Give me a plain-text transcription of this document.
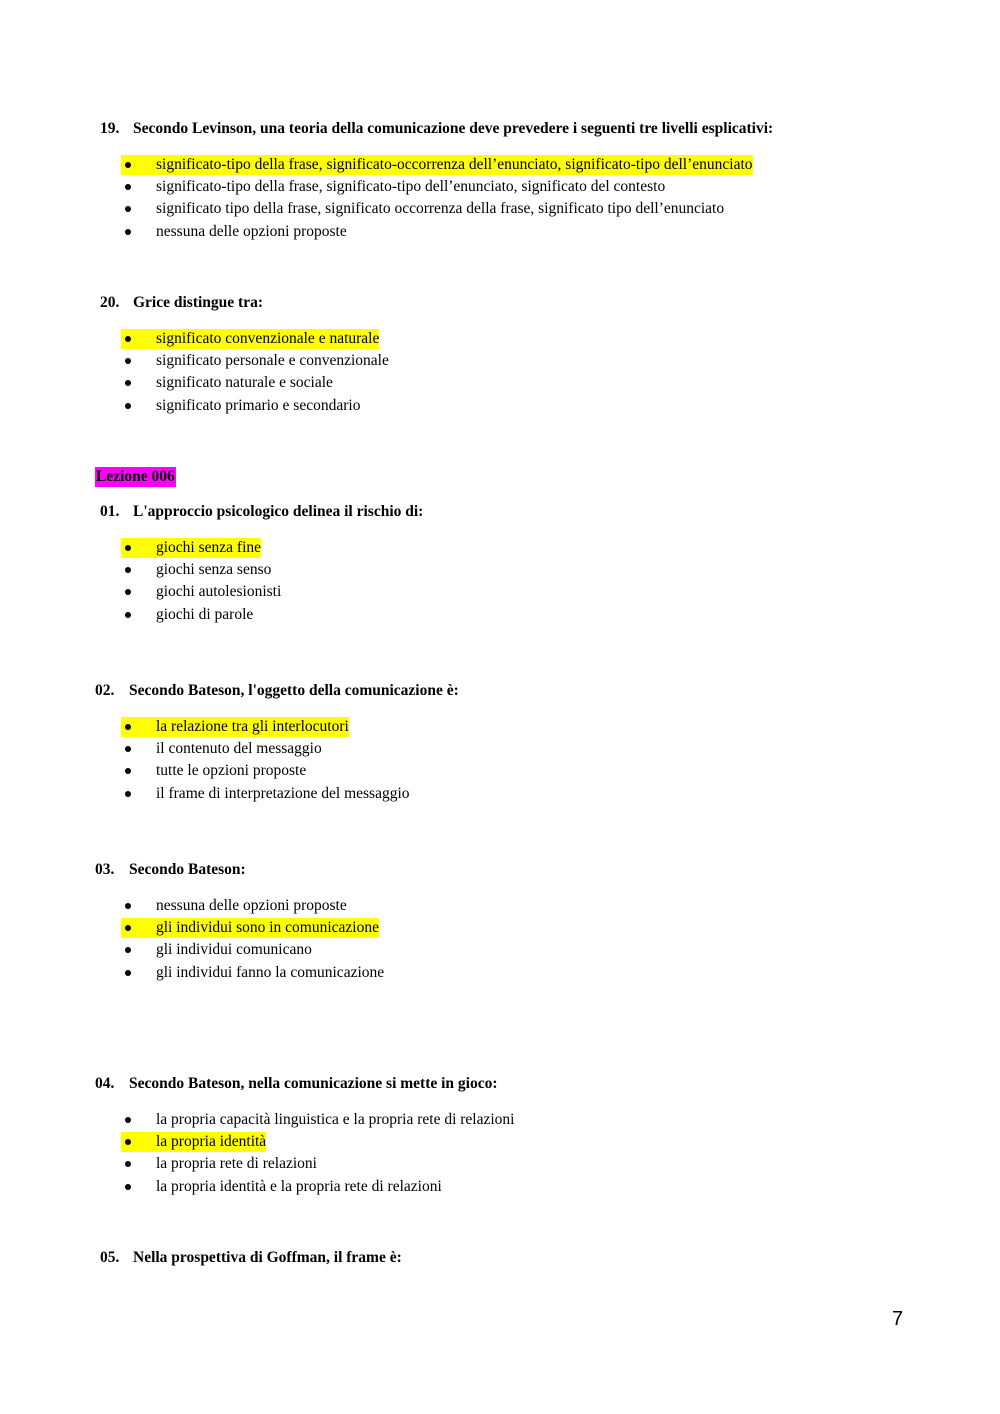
19. Secondo Levinson, una teoria della comunicazione deve prevedere i seguenti tre livelli esplicativi:
significato-tipo della frase, significato-occorrenza dell’enunciato, significato-tipo dell’enunciato
significato-tipo della frase, significato-tipo dell’enunciato, significato del contesto
significato tipo della frase, significato occorrenza della frase, significato tipo dell’enunciato
nessuna delle opzioni proposte
20. Grice distingue tra:
significato convenzionale e naturale
significato personale e convenzionale
significato naturale e sociale
significato primario e secondario
Lezione 006
01. L'approccio psicologico delinea il rischio di:
giochi senza fine
giochi senza senso
giochi autolesionisti
giochi di parole
02. Secondo Bateson, l'oggetto della comunicazione è:
la relazione tra gli interlocutori
il contenuto del messaggio
tutte le opzioni proposte
il frame di interpretazione del messaggio
03. Secondo Bateson:
nessuna delle opzioni proposte
gli individui sono in comunicazione
gli individui comunicano
gli individui fanno la comunicazione
04. Secondo Bateson, nella comunicazione si mette in gioco:
la propria capacità linguistica e la propria rete di relazioni
la propria identità
la propria rete di relazioni
la propria identità e la propria rete di relazioni
05. Nella prospettiva di Goffman, il frame è:
7
